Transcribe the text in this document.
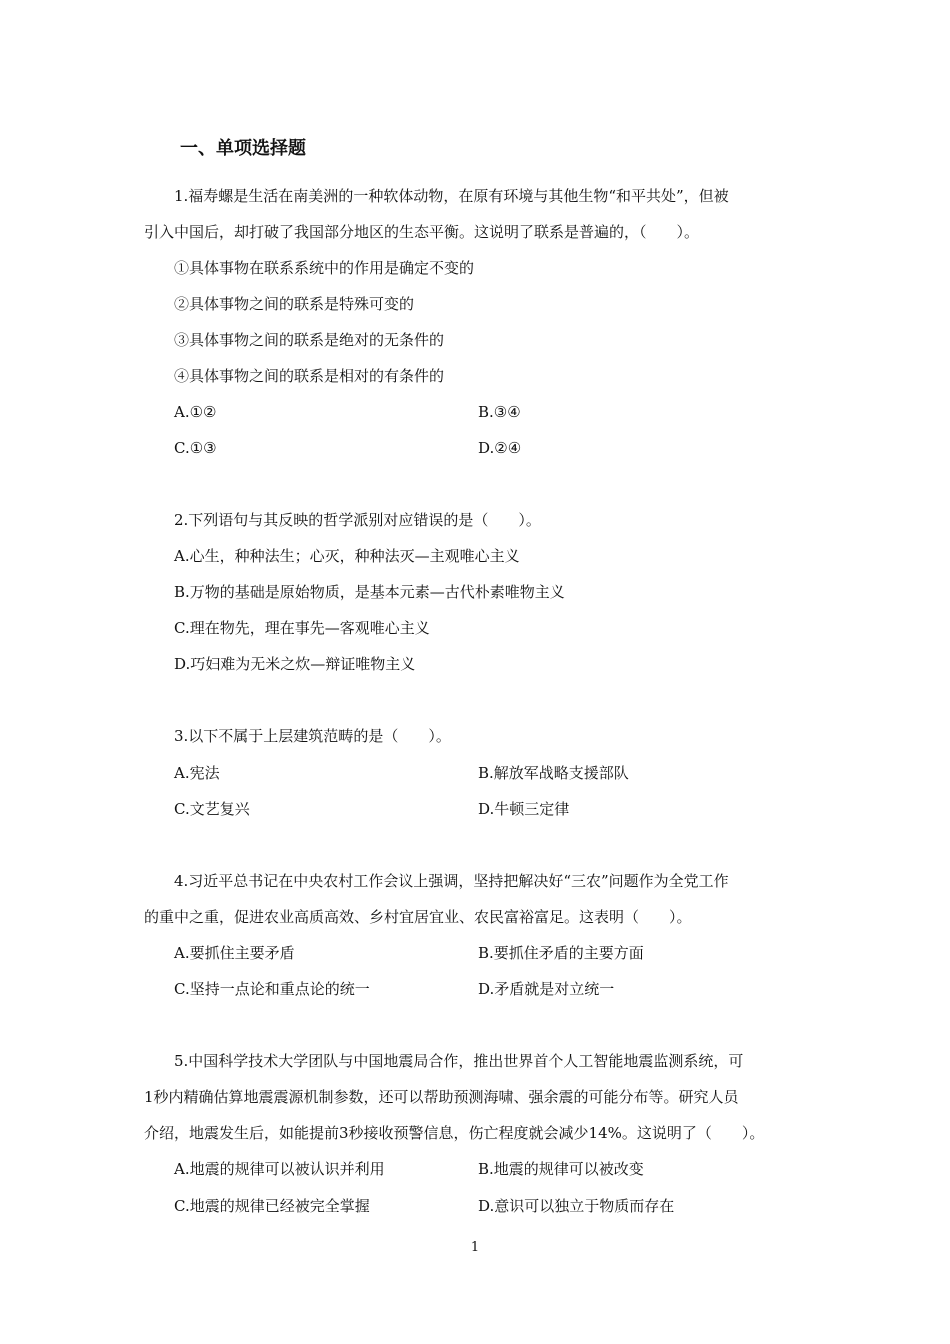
一、单项选择题
1.福寿螺是生活在南美洲的一种软体动物，在原有环境与其他生物“和平共处”，但被
引入中国后，却打破了我国部分地区的生态平衡。这说明了联系是普遍的，（　　）。
①具体事物在联系系统中的作用是确定不变的
②具体事物之间的联系是特殊可变的
③具体事物之间的联系是绝对的无条件的
④具体事物之间的联系是相对的有条件的
A.①②	B.③④
C.①③	D.②④
2.下列语句与其反映的哲学派别对应错误的是（　　）。
A.心生，种种法生；心灭，种种法灭—主观唯心主义
B.万物的基础是原始物质，是基本元素—古代朴素唯物主义
C.理在物先，理在事先—客观唯心主义
D.巧妇难为无米之炊—辩证唯物主义
3.以下不属于上层建筑范畴的是（　　）。
A.宪法	B.解放军战略支援部队
C.文艺复兴	D.牛顿三定律
4.习近平总书记在中央农村工作会议上强调，坚持把解决好“三农”问题作为全党工作
的重中之重，促进农业高质高效、乡村宜居宜业、农民富裕富足。这表明（　　）。
A.要抓住主要矛盾	B.要抓住矛盾的主要方面
C.坚持一点论和重点论的统一	D.矛盾就是对立统一
5.中国科学技术大学团队与中国地震局合作，推出世界首个人工智能地震监测系统，可
1秒内精确估算地震震源机制参数，还可以帮助预测海啸、强余震的可能分布等。研究人员
介绍，地震发生后，如能提前3秒接收预警信息，伤亡程度就会减少14%。这说明了（　　）。
A.地震的规律可以被认识并利用	B.地震的规律可以被改变
C.地震的规律已经被完全掌握	D.意识可以独立于物质而存在
1
